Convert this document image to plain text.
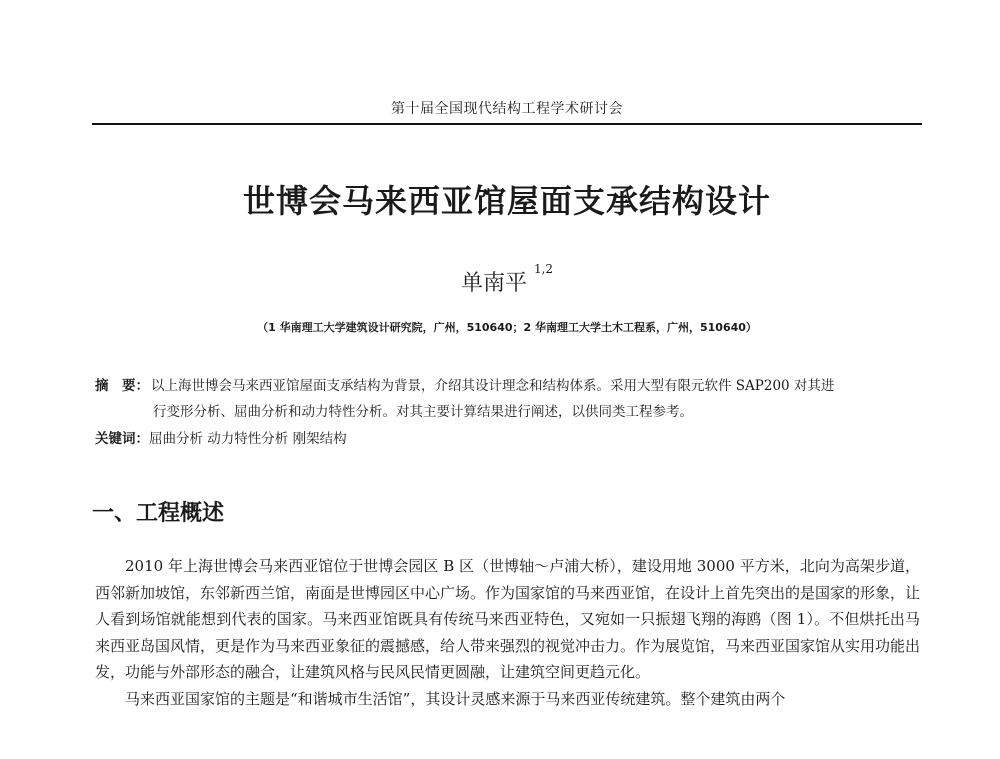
第十届全国现代结构工程学术研讨会
世博会马来西亚馆屋面支承结构设计
单南平 $^{1,2}$
（1 华南理工大学建筑设计研究院，广州，510640；2 华南理工大学土木工程系，广州，510640）
摘　要： 以上海世博会马来西亚馆屋面支承结构为背景，介绍其设计理念和结构体系。采用大型有限元软件 SAP200 对其进
行变形分析、屈曲分析和动力特性分析。对其主要计算结果进行阐述，以供同类工程参考。
关键词：屈曲分析 动力特性分析 刚架结构
一、工程概述

2010 年上海世博会马来西亚馆位于世博会园区 B 区（世博轴～卢浦大桥），建设用地 3000 平方米，北向为高架步道，西邻新加坡馆，东邻新西兰馆，南面是世博园区中心广场。作为国家馆的马来西亚馆，在设计上首先突出的是国家的形象，让人看到场馆就能想到代表的国家。马来西亚馆既具有传统马来西亚特色，又宛如一只振翅飞翔的海鸥（图 1）。不但烘托出马来西亚岛国风情，更是作为马来西亚象征的震撼感，给人带来强烈的视觉冲击力。作为展览馆，马来西亚国家馆从实用功能出发，功能与外部形态的融合，让建筑风格与民风民情更圆融，让建筑空间更趋元化。

马来西亚国家馆的主题是“和谐城市生活馆”，其设计灵感来源于马来西亚传统建筑。整个建筑由两个
